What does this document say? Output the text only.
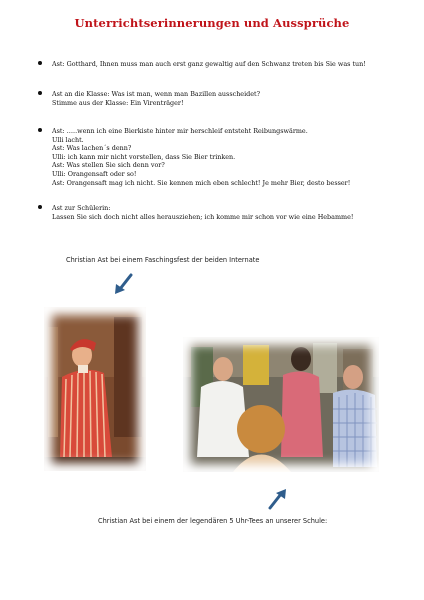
Unterrichtserinnerungen und Aussprüche
Ast: Gotthard, Ihnen muss man auch erst ganz gewaltig auf den Schwanz treten bis Sie was tun!
Ast an die Klasse: Was ist man, wenn man Bazillen ausscheidet?
Stimme aus der Klasse: Ein Virenträger!
Ast: …..wenn ich eine Bierkiste hinter mir herschleif entsteht Reibungswärme.
Ulli lacht.
Ast: Was lachen´s denn?
Ulli: ich kann mir nicht vorstellen, dass Sie Bier trinken.
Ast: Was stellen Sie sich denn vor?
Ulli: Orangensaft oder so!
Ast: Orangensaft mag ich nicht. Sie kennen mich eben schlecht! Je mehr Bier, desto besser!
Ast zur Schülerin:
Lassen Sie sich doch nicht alles herausziehen; ich komme mir schon vor wie eine Hebamme!
Christian Ast bei einem Faschingsfest der beiden Internate
Christian Ast bei einem der legendären 5 Uhr-Tees an unserer Schule:
